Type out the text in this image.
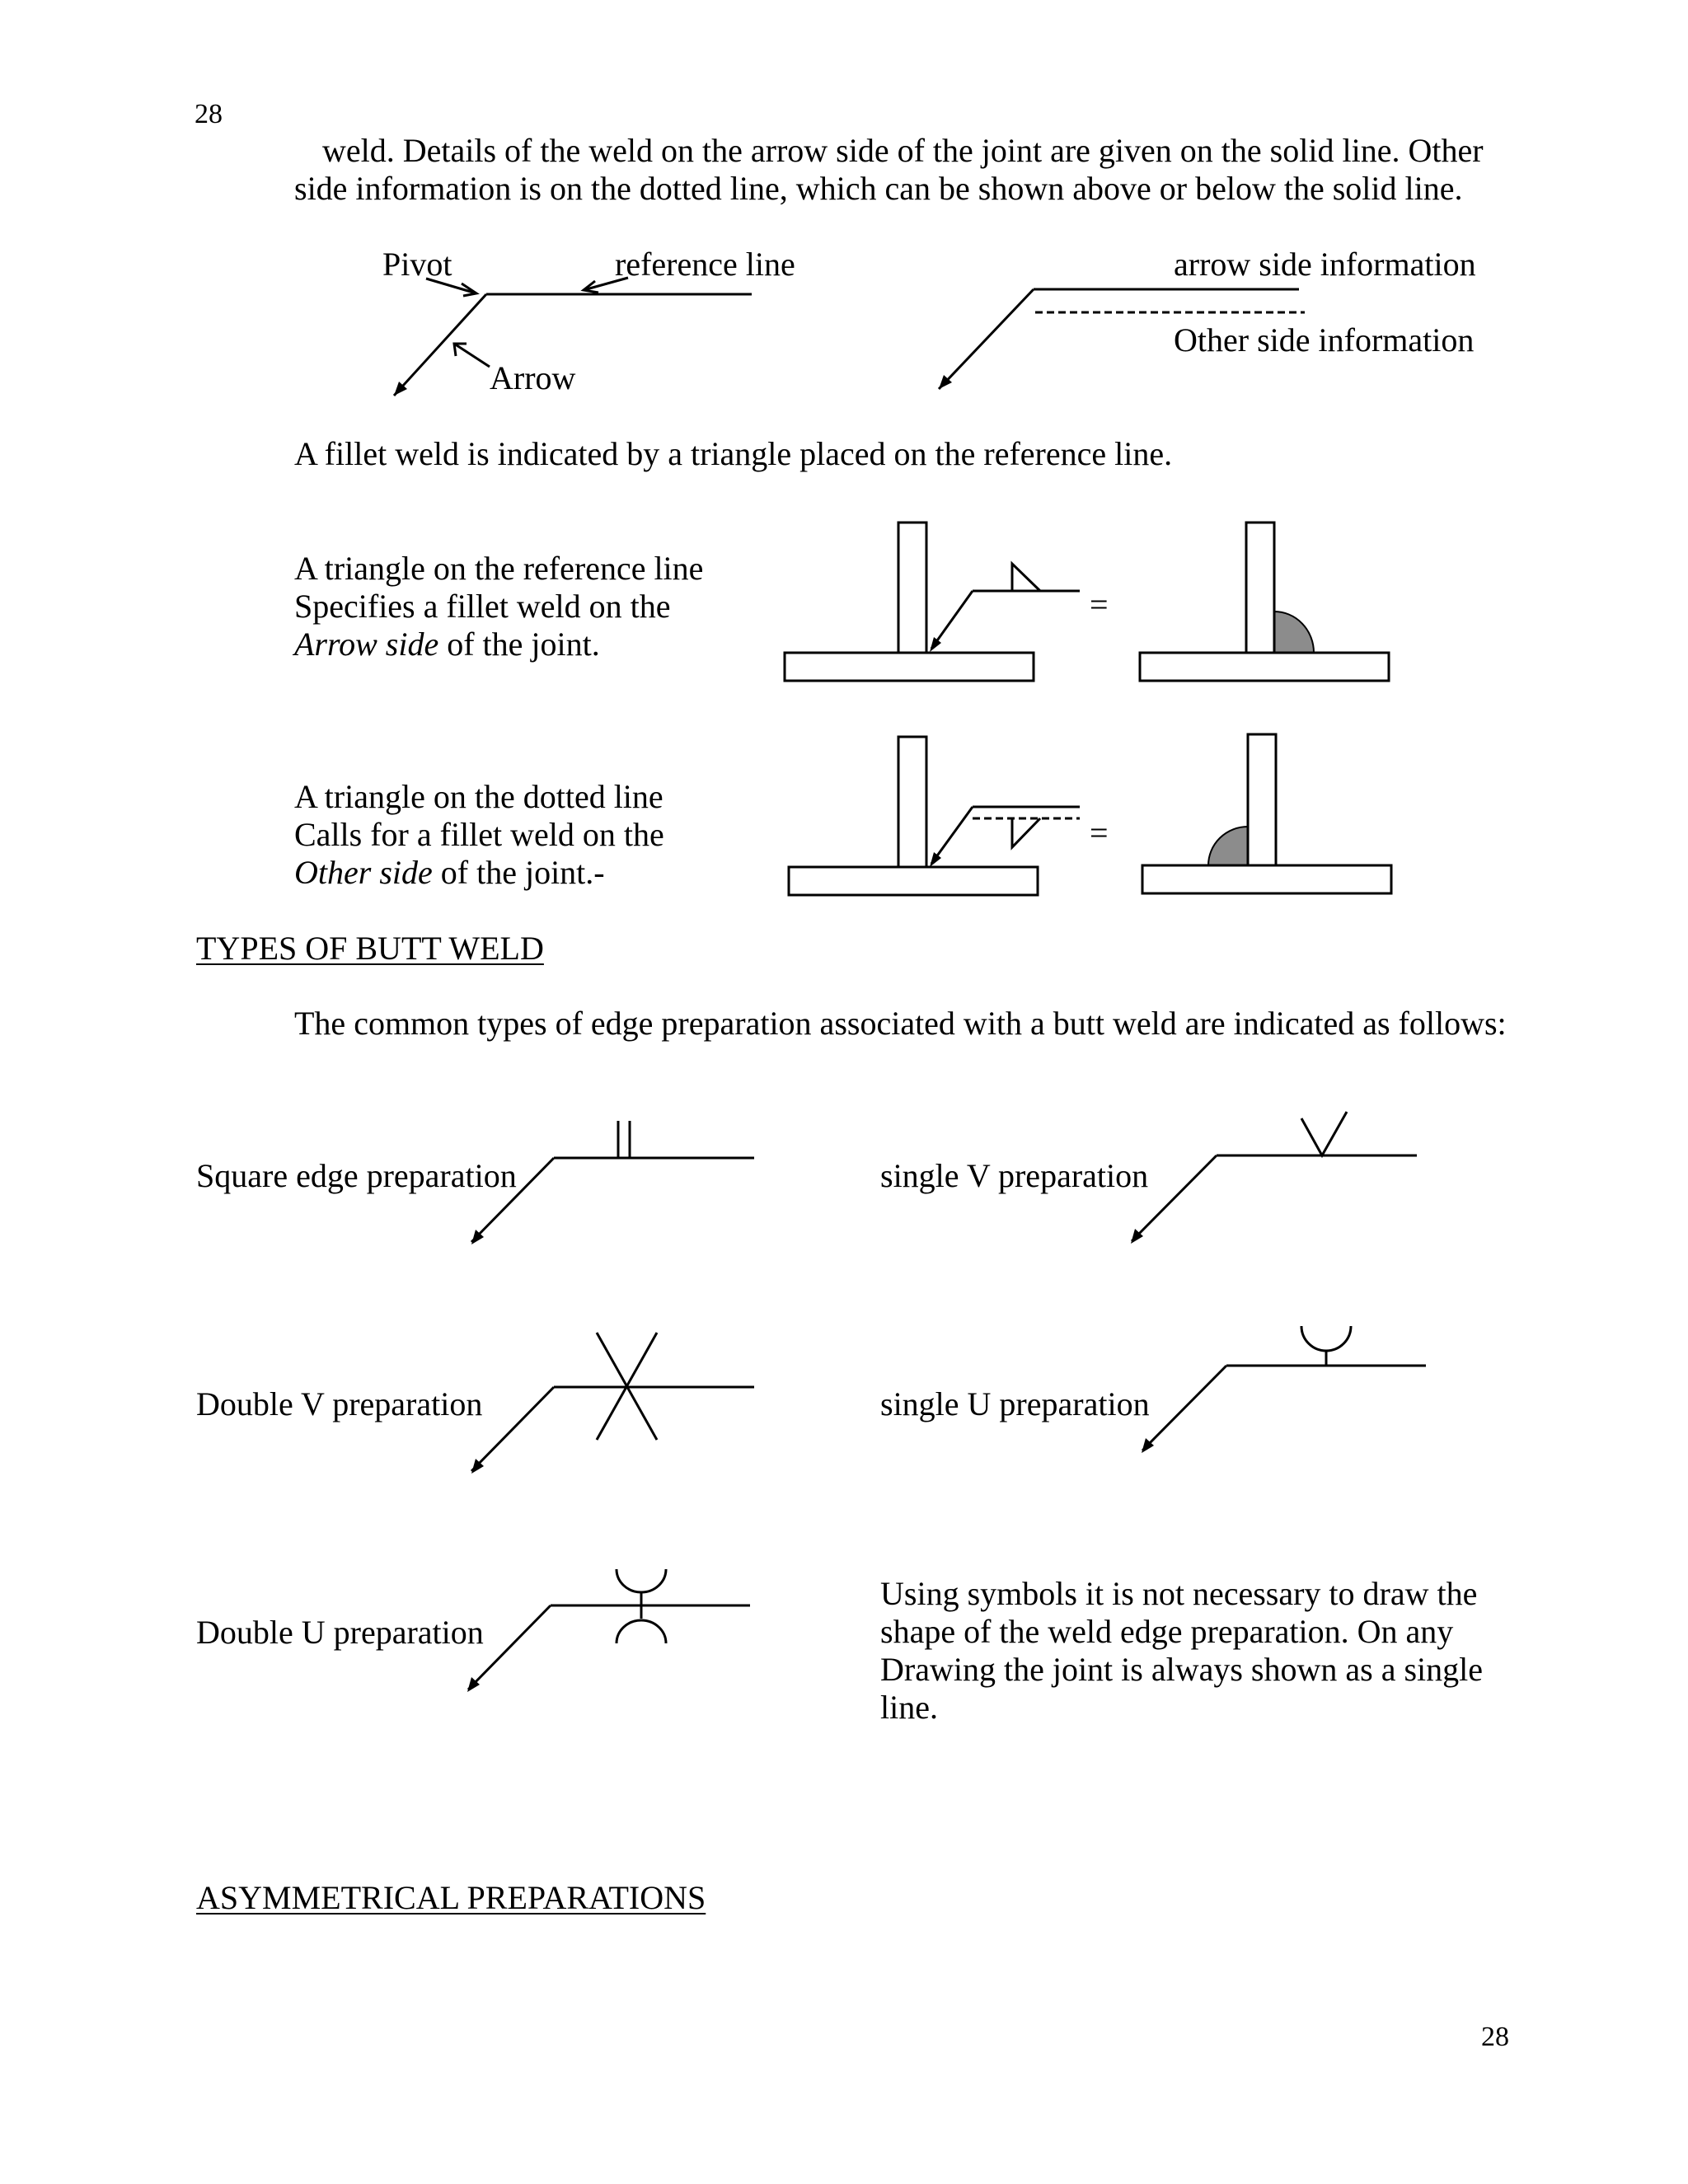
28
28
weld. Details of the weld on the arrow side of the joint are given on the solid line. Other
side information is on the dotted line, which can be shown above or below the solid line.
Pivot	reference line
Arrow
arrow side information
Other side information
A fillet weld is indicated by a triangle placed on the reference line.
A triangle on the reference line
Specifies a fillet weld on the
Arrow side of the joint.
A triangle on the dotted line
Calls for a fillet weld on the
Other side of the joint.-
=
=
TYPES OF BUTT WELD
The common types of edge preparation associated with a butt weld are indicated as follows:
Square edge preparation	single V preparation
Double V preparation	single U preparation
Double U preparation
Using symbols it is not necessary to draw the
shape of the weld edge preparation. On any
Drawing the joint is always shown as a single
line.
ASYMMETRICAL PREPARATIONS
